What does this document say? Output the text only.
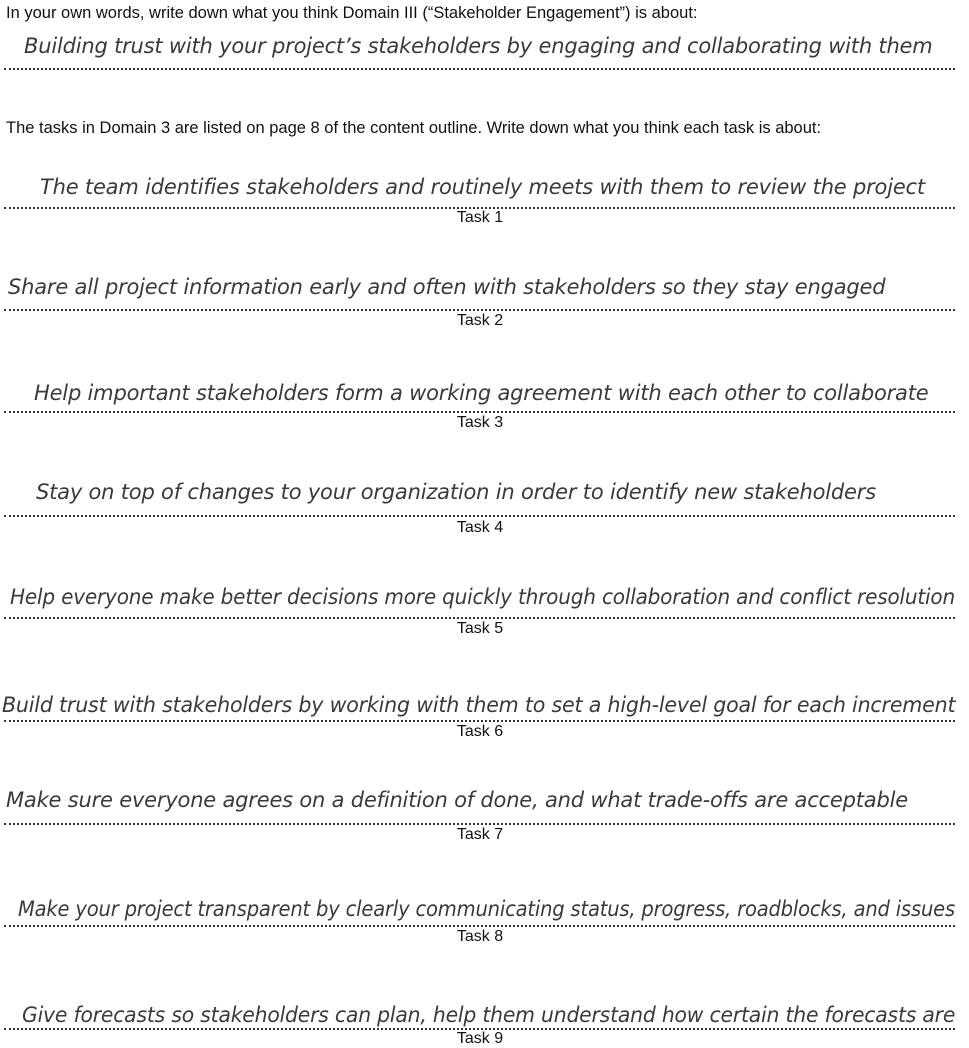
In your own words, write down what you think Domain III (“Stakeholder Engagement”) is about:
Building trust with your project’s stakeholders by engaging and collaborating with them
The tasks in Domain 3 are listed on page 8 of the content outline. Write down what you think each task is about:
The team identifies stakeholders and routinely meets with them to review the project
Task 1
Share all project information early and often with stakeholders so they stay engaged
Task 2
Help important stakeholders form a working agreement with each other to collaborate
Task 3
Stay on top of changes to your organization in order to identify new stakeholders
Task 4
Help everyone make better decisions more quickly through collaboration and conflict resolution
Task 5
Build trust with stakeholders by working with them to set a high-level goal for each increment
Task 6
Make sure everyone agrees on a definition of done, and what trade-offs are acceptable
Task 7
Make your project transparent by clearly communicating status, progress, roadblocks, and issues
Task 8
Give forecasts so stakeholders can plan, help them understand how certain the forecasts are
Task 9
